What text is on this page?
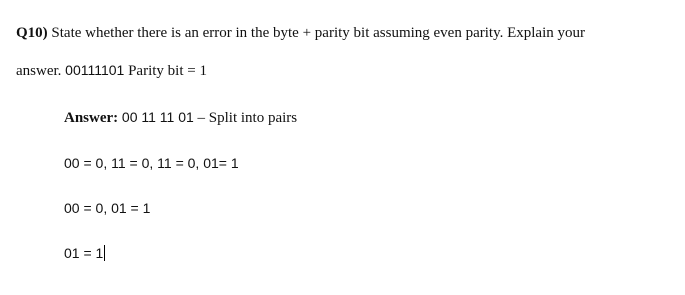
Q10) State whether there is an error in the byte + parity bit assuming even parity. Explain your
answer. 00111101 Parity bit = 1
Answer: 00 11 11 01 – Split into pairs
00 = 0, 11 = 0, 11 = 0, 01= 1
00 = 0, 01 = 1
01 = 1
